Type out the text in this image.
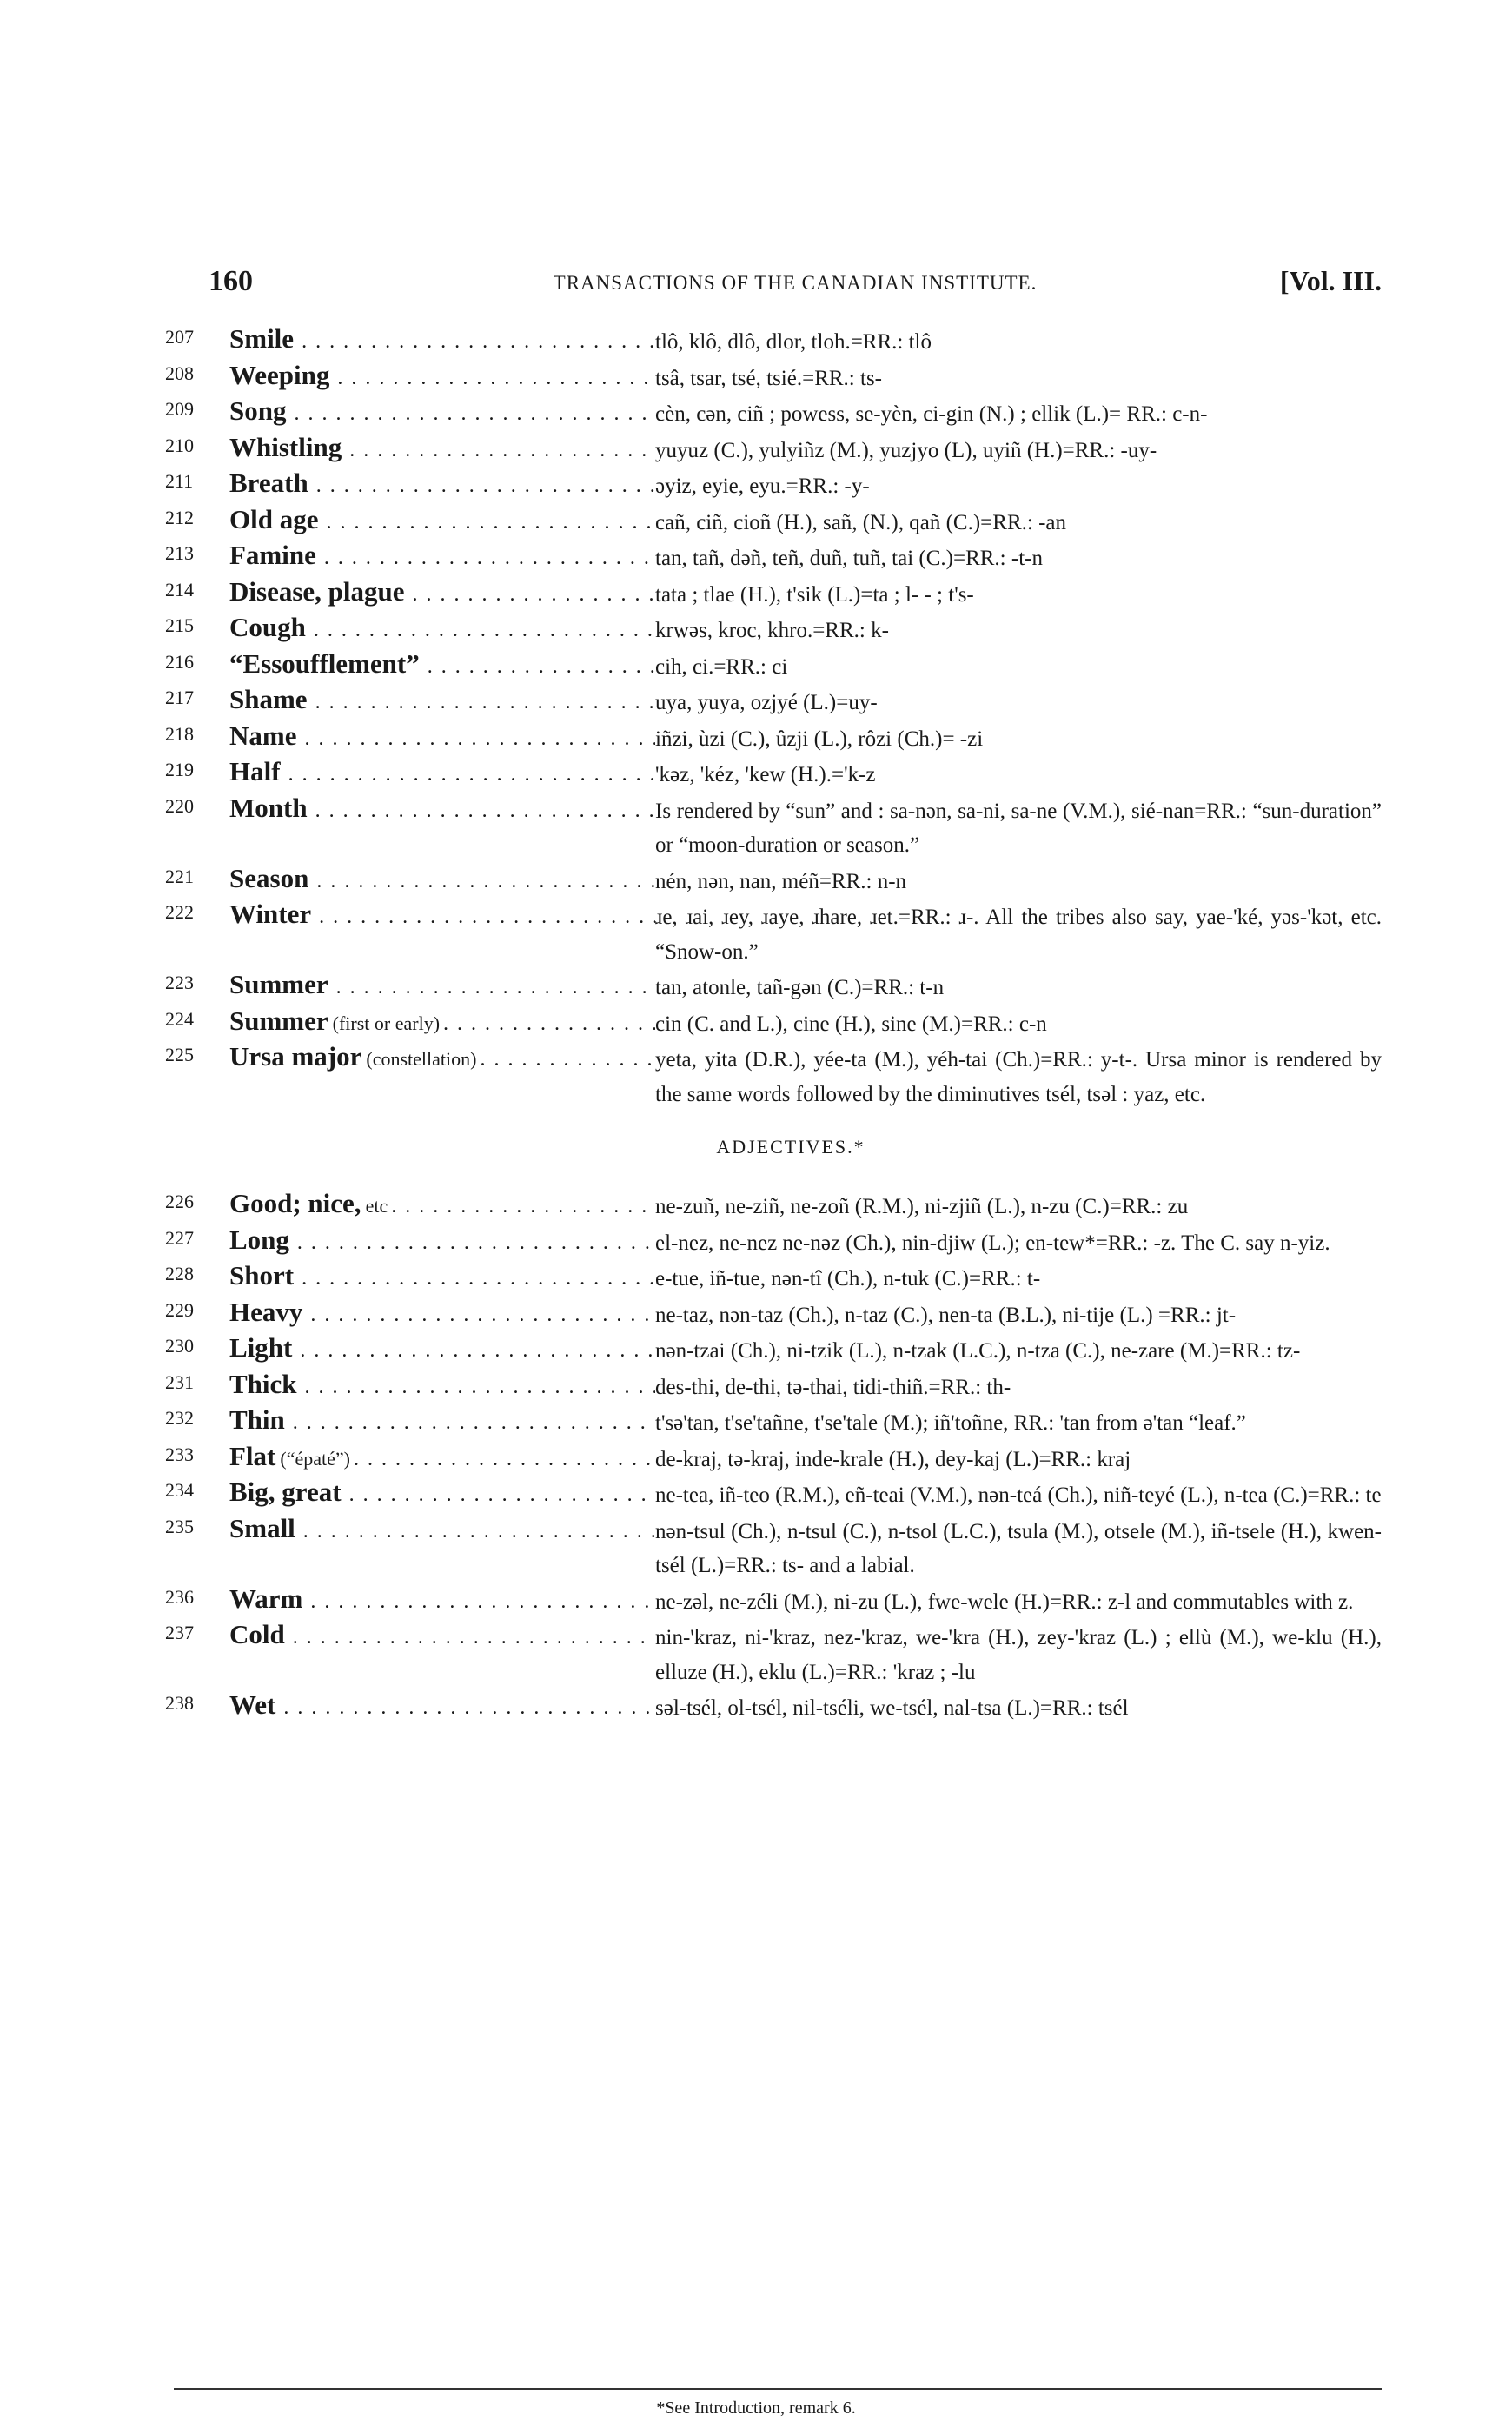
160	TRANSACTIONS OF THE CANADIAN INSTITUTE.	[Vol. III.
207	Smile . . .	tlô, klô, dlô, dlor, tloh.=RR.: tlô
208	Weeping . . .	tsâ, tsar, tsé, tsié.=RR.: ts-
209	Song . . .	cèn, cən, ciñ ; powess, se-yèn, ci-gin (N.) ; ellik (L.)= RR.: c-n-
210	Whistling . . .	yuyuz (C.), yulyiñz (M.), yuzjyo (L), uyiñ (H.)=RR.: -uy-
211	Breath . . .	əyiz, eyie, eyu.=RR.: -y-
212	Old age . . .	cañ, ciñ, cioñ (H.), sañ, (N.), qañ (C.)=RR.: -an
213	Famine . . .	tan, tañ, dəñ, teñ, duñ, tuñ, tai (C.)=RR.: -t-n
214	Disease, plague . . .	tata ; tlae (H.), t'sik (L.)=ta ; l- - ; t's-
215	Cough . . .	krwəs, kroc, khro.=RR.: k-
216	“Essoufflement” . . .	cih, ci.=RR.: ci
217	Shame . . .	uya, yuya, ozjyé (L.)=uy-
218	Name . . .	iñzi, ùzi (C.), ûzji (L.), rôzi (Ch.)= -zi
219	Half . . .	'kəz, 'kéz, 'kew (H.).='k-z
220	Month . . .	Is rendered by “sun” and : sa-nən, sa-ni, sa-ne (V.M.), sié-nan=RR.: “sun-duration” or “moon-duration or season.”
221	Season . . .	nén, nən, nan, méñ=RR.: n-n
222	Winter . . .	ɹe, ɹai, ɹey, ɹaye, ɹhare, ɹet.=RR.: ɹ-. All the tribes also say, yae-'ké, yəs-'kət, etc. “Snow-on.”
223	Summer . . .	tan, atonle, tañ-gən (C.)=RR.: t-n
224	Summer (first or early) . . .	cin (C. and L.), cine (H.), sine (M.)=RR.: c-n
225	Ursa major (constellation) . . .	yeta, yita (D.R.), yée-ta (M.), yéh-tai (Ch.)=RR.: y-t-. Ursa minor is rendered by the same words followed by the diminutives tsél, tsəl : yaz, etc.
ADJECTIVES.*
226	Good; nice, etc . . .	ne-zuñ, ne-ziñ, ne-zoñ (R.M.), ni-zjiñ (L.), n-zu (C.)=RR.: zu
227	Long . . .	el-nez, ne-nez ne-nəz (Ch.), nin-djiw (L.); en-tew*=RR.: -z. The C. say n-yiz.
228	Short . . .	e-tue, iñ-tue, nən-tî (Ch.), n-tuk (C.)=RR.: t-
229	Heavy . . .	ne-taz, nən-taz (Ch.), n-taz (C.), nen-ta (B.L.), ni-tije (L.) =RR.: jt-
230	Light . . .	nən-tzai (Ch.), ni-tzik (L.), n-tzak (L.C.), n-tza (C.), ne-zare (M.)=RR.: tz-
231	Thick . . .	des-thi, de-thi, tə-thai, tidi-thiñ.=RR.: th-
232	Thin . . .	t'sə'tan, t'se'tañne, t'se'tale (M.); iñ'toñne, RR.: 'tan from ə'tan “leaf.”
233	Flat (“épaté”) . . .	de-kraj, tə-kraj, inde-krale (H.), dey-kaj (L.)=RR.: kraj
234	Big, great . . .	ne-tea, iñ-teo (R.M.), eñ-teai (V.M.), nən-teá (Ch.), niñ-teyé (L.), n-tea (C.)=RR.: te
235	Small . . .	nən-tsul (Ch.), n-tsul (C.), n-tsol (L.C.), tsula (M.), otsele (M.), iñ-tsele (H.), kwen-tsél (L.)=RR.: ts- and a labial.
236	Warm . . .	ne-zəl, ne-zéli (M.), ni-zu (L.), fwe-wele (H.)=RR.: z-l and commutables with z.
237	Cold . . .	nin-'kraz, ni-'kraz, nez-'kraz, we-'kra (H.), zey-'kraz (L.) ; ellù (M.), we-klu (H.), elluze (H.), eklu (L.)=RR.: 'kraz ; -lu
238	Wet . . .	səl-tsél, ol-tsél, nil-tséli, we-tsél, nal-tsa (L.)=RR.: tsél
*See Introduction, remark 6.
